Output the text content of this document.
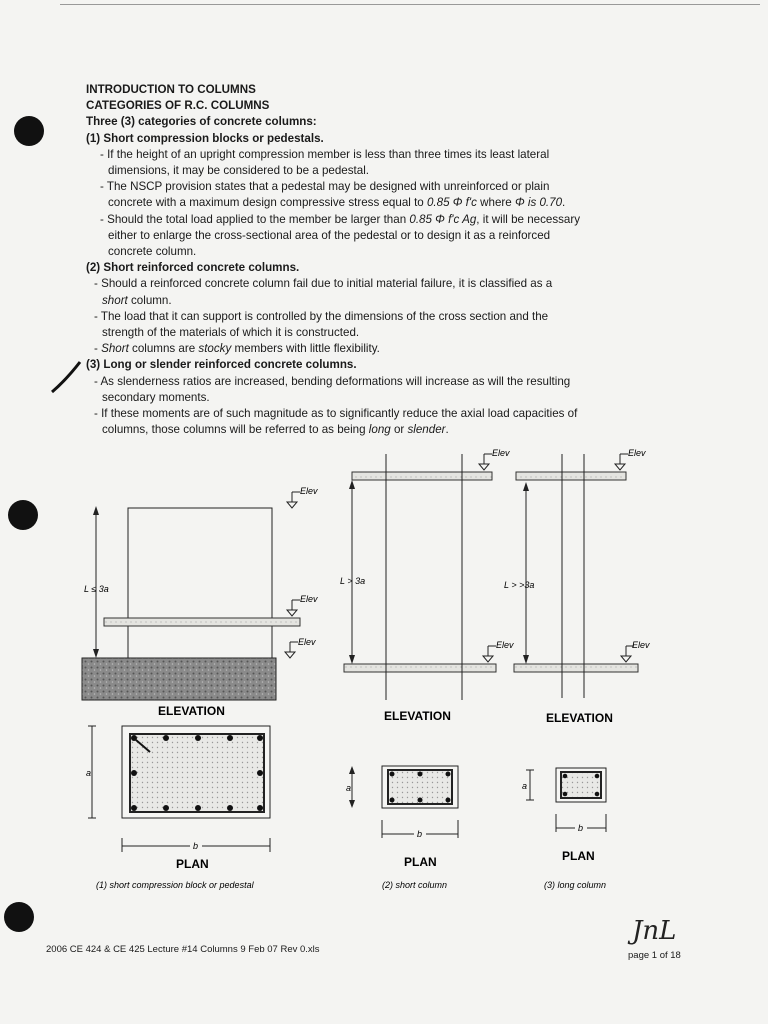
INTRODUCTION TO COLUMNS
CATEGORIES OF R.C. COLUMNS
Three (3) categories of concrete columns:
(1) Short compression blocks or pedestals.
- If the height of an upright compression member is less than three times its least lateral
dimensions, it may be considered to be a pedestal.
- The NSCP provision states that a pedestal may be designed with unreinforced or plain
concrete with a maximum design compressive stress equal to 0.85 Φ f'c where Φ is 0.70.
- Should the total load applied to the member be larger than 0.85 Φ f'c Ag, it will be necessary
either to enlarge the cross-sectional area of the pedestal or to design it as a reinforced
concrete column.
(2) Short reinforced concrete columns.
- Should a reinforced concrete column fail due to initial material failure, it is classified as a
short column.
- The load that it can support is controlled by the dimensions of the cross section and the
strength of the materials of which it is constructed.
- Short columns are stocky members with little flexibility.
(3) Long or slender reinforced concrete columns.
- As slenderness ratios are increased, bending deformations will increase as will the resulting
secondary moments.
- If these moments are of such magnitude as to significantly reduce the axial load capacities of
columns, those columns will be referred to as being long or slender.
L ≤ 3a
Elev
Elev
Elev
ELEVATION
L > 3a
Elev
Elev
ELEVATION
L > >3a
Elev
Elev
ELEVATION
a
b
PLAN
(1) short compression block or pedestal
a
b
PLAN
(2) short column
a
b
PLAN
(3) long column
JnL
2006 CE 424 & CE 425 Lecture #14 Columns 9 Feb 07 Rev 0.xls
page 1 of 18
